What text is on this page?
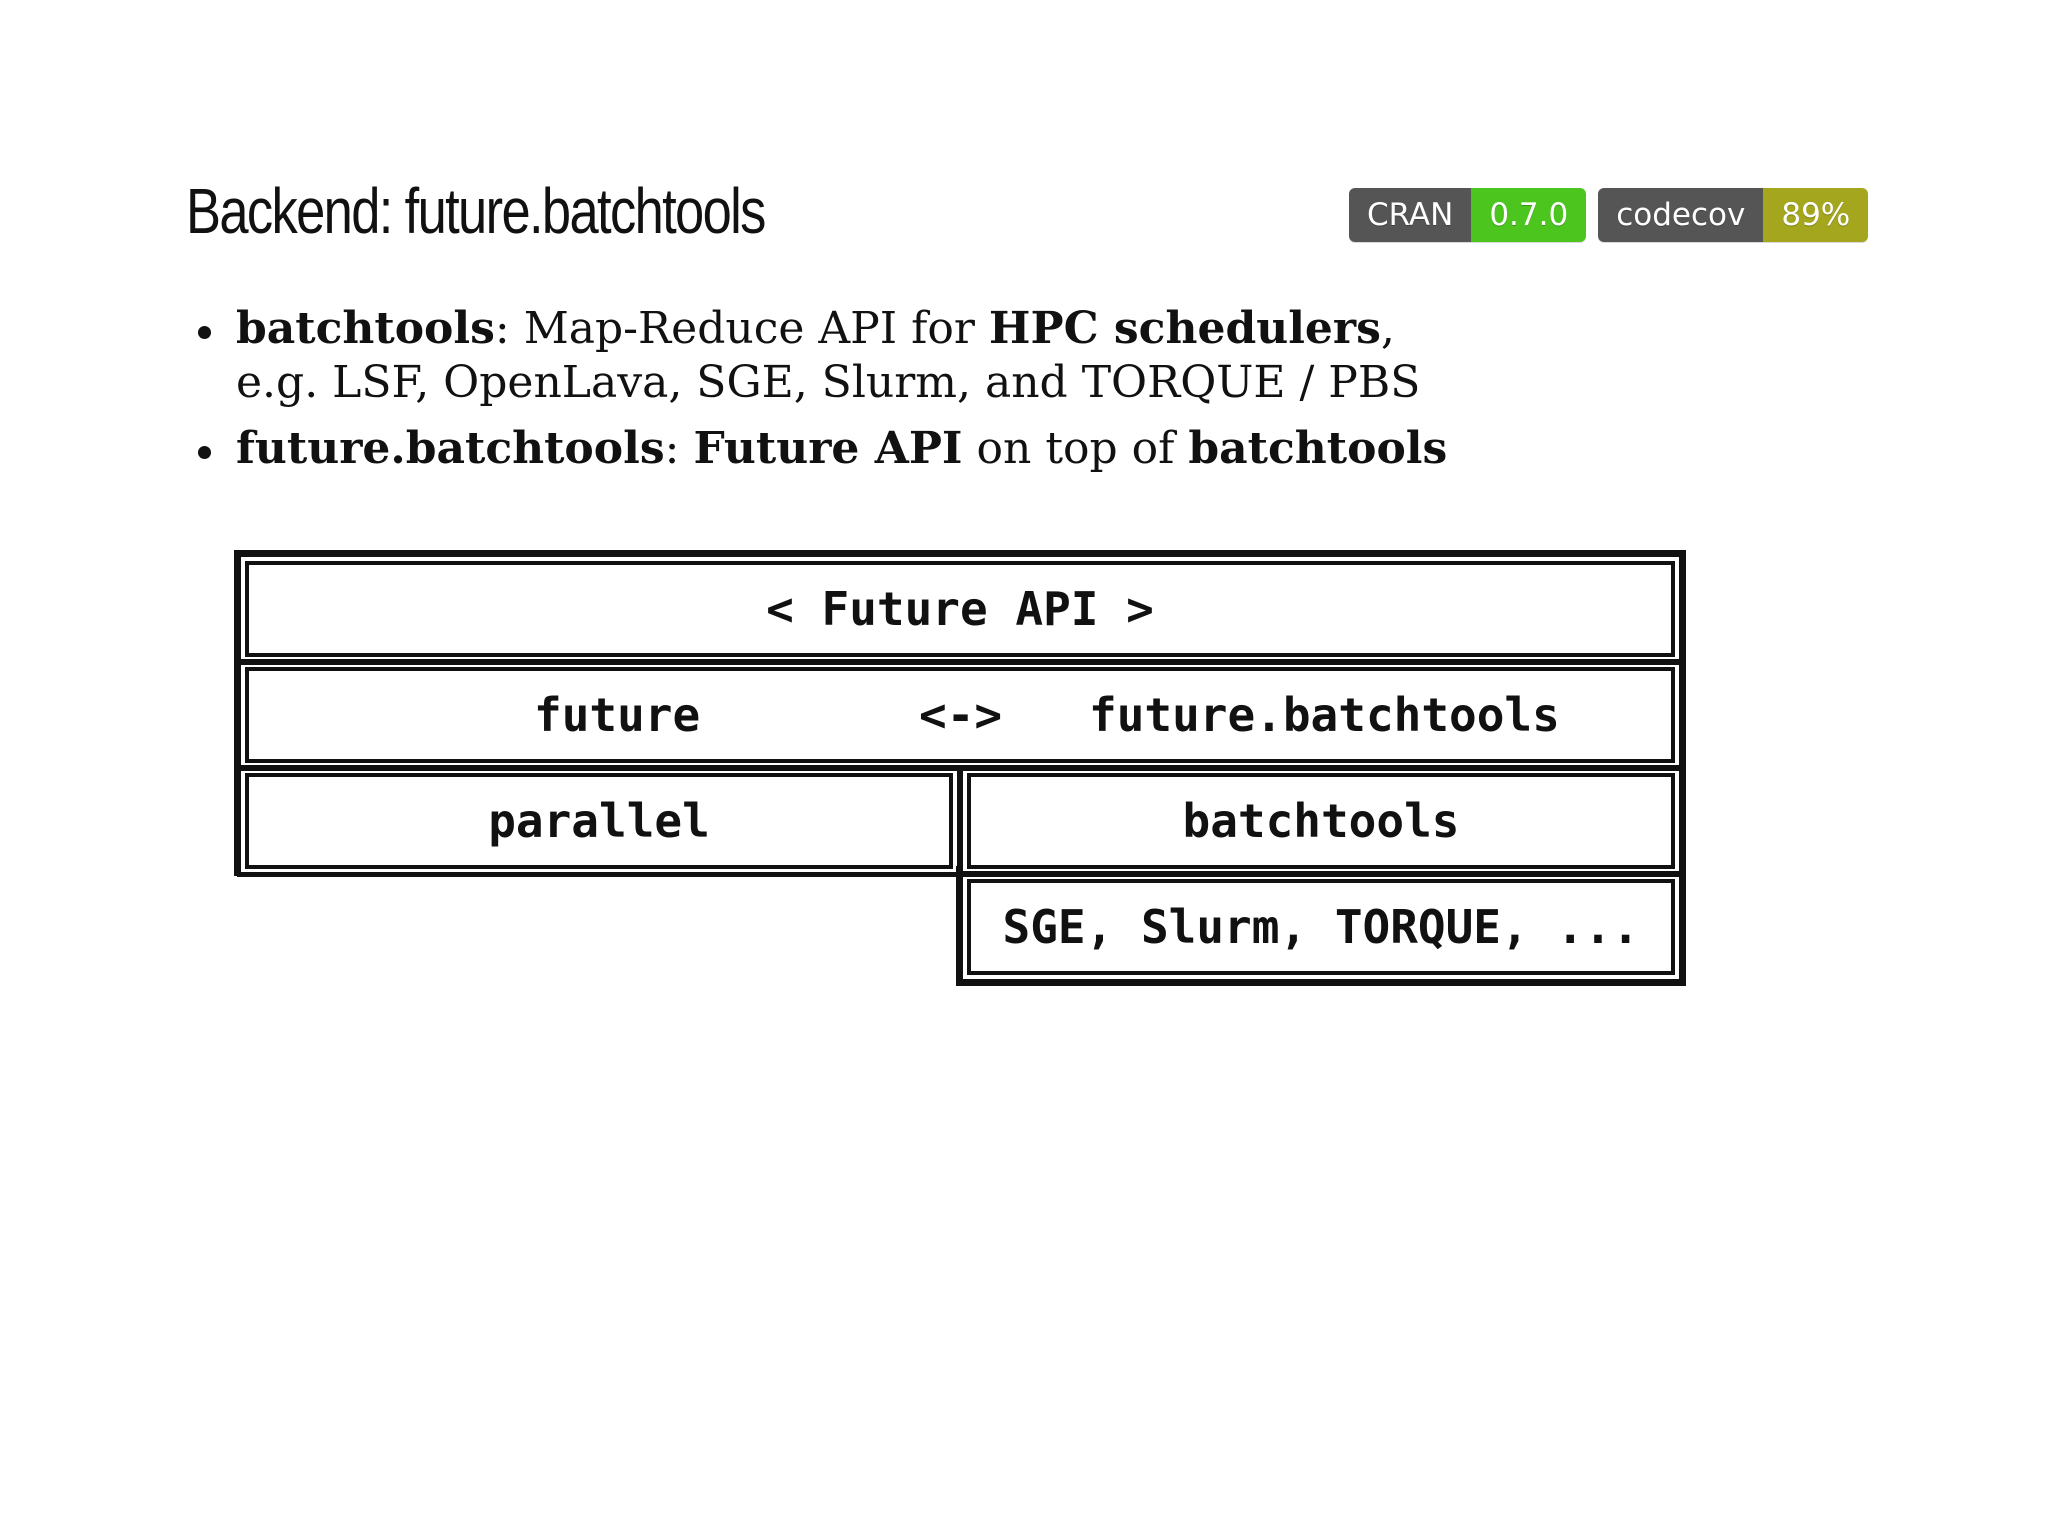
Backend: future.batchtools	CRAN	0.7.0	codecov	89%
batchtools: Map-Reduce API for HPC schedulers,
e.g. LSF, OpenLava, SGE, Slurm, and TORQUE / PBS
future.batchtools: Future API on top of batchtools
< Future API >
future	<-> future.batchtools
parallel	batchtools
SGE, Slurm, TORQUE, ...
